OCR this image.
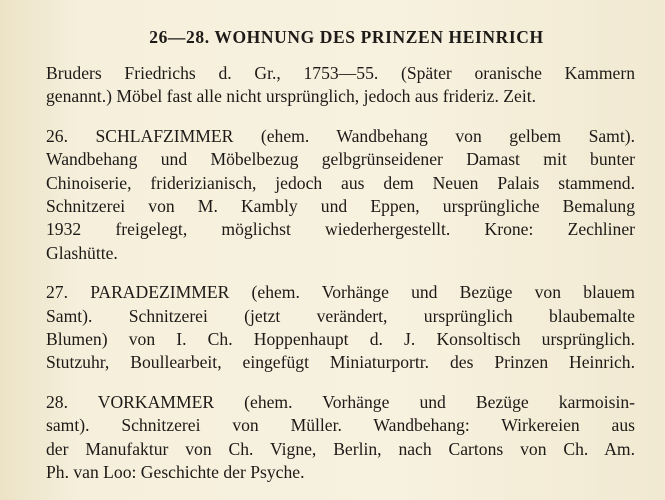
26—28. WOHNUNG DES PRINZEN HEINRICH
Bruders Friedrichs d. Gr., 1753—55. (Später oranische Kammern
genannt.) Möbel fast alle nicht ursprünglich, jedoch aus frideriz. Zeit.
26. SCHLAFZIMMER (ehem. Wandbehang von gelbem Samt).
Wandbehang und Möbelbezug gelbgrünseidener Damast mit bunter
Chinoiserie, friderizianisch, jedoch aus dem Neuen Palais stammend.
Schnitzerei von M. Kambly und Eppen, ursprüngliche Bemalung
1932 freigelegt, möglichst wiederhergestellt. Krone: Zechliner
Glashütte.
27. PARADEZIMMER (ehem. Vorhänge und Bezüge von blauem
Samt). Schnitzerei (jetzt verändert, ursprünglich blaubemalte
Blumen) von I. Ch. Hoppenhaupt d. J. Konsoltisch ursprünglich.
Stutzuhr, Boullearbeit, eingefügt Miniaturportr. des Prinzen Heinrich.
28. VORKAMMER (ehem. Vorhänge und Bezüge karmoisin-
samt). Schnitzerei von Müller. Wandbehang: Wirkereien aus
der Manufaktur von Ch. Vigne, Berlin, nach Cartons von Ch. Am.
Ph. van Loo: Geschichte der Psyche.
